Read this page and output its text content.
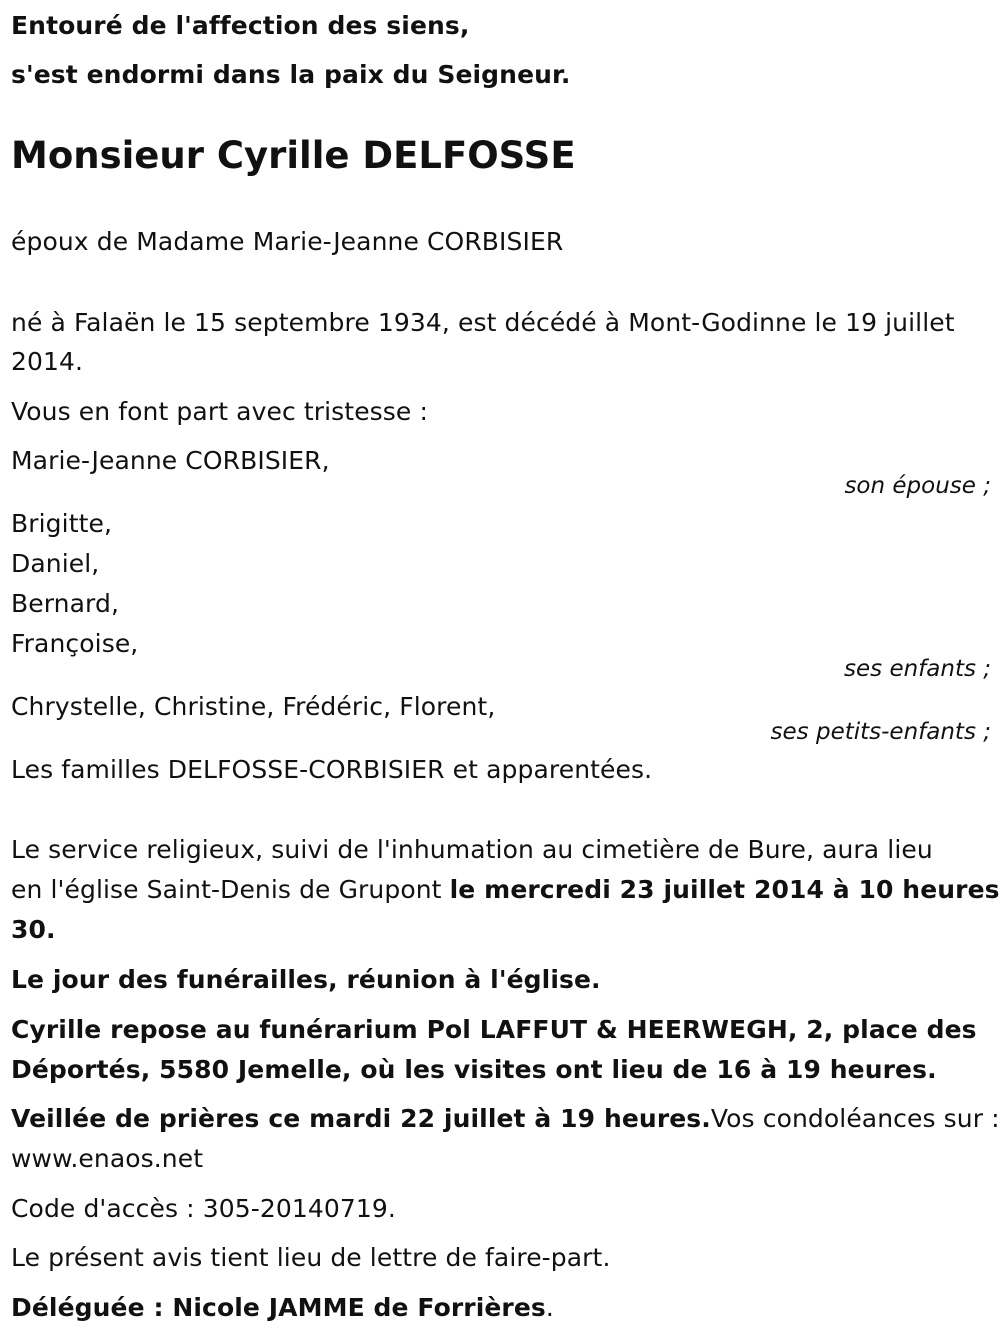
Entouré de l'affection des siens,
s'est endormi dans la paix du Seigneur.
Monsieur Cyrille DELFOSSE
époux de Madame Marie-Jeanne CORBISIER
né à Falaën le 15 septembre 1934, est décédé à Mont-Godinne le 19 juillet
2014.
Vous en font part avec tristesse :
Marie-Jeanne CORBISIER,
son épouse ;
Brigitte,
Daniel,
Bernard,
Françoise,
ses enfants ;
Chrystelle, Christine, Frédéric, Florent,
ses petits-enfants ;
Les familles DELFOSSE-CORBISIER et apparentées.
Le service religieux, suivi de l'inhumation au cimetière de Bure, aura lieu
en l'église Saint-Denis de Grupont le mercredi 23 juillet 2014 à 10 heures
30.
Le jour des funérailles, réunion à l'église.
Cyrille repose au funérarium Pol LAFFUT & HEERWEGH, 2, place des
Déportés, 5580 Jemelle, où les visites ont lieu de 16 à 19 heures.
Veillée de prières ce mardi 22 juillet à 19 heures.Vos condoléances sur :
www.enaos.net
Code d'accès : 305-20140719.
Le présent avis tient lieu de lettre de faire-part.
Déléguée : Nicole JAMME de Forrières.
